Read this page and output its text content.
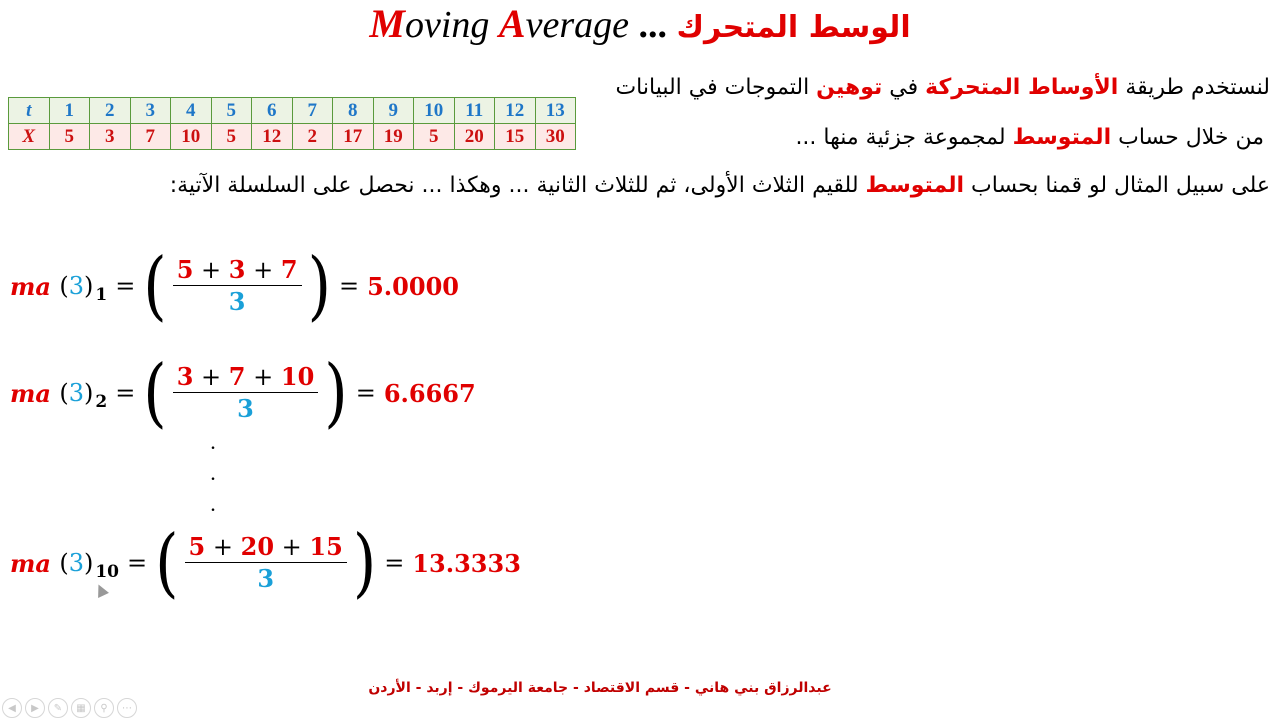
Moving Average ... الوسط المتحرك
t	1	2	3	4	5	6	7	8	9	10	11	12	13
X	5	3	7	10	5	12	2	17	19	5	20	15	30
لنستخدم طريقة الأوساط المتحركة في توهين التموجات في البيانات
من خلال حساب المتوسط لمجموعة جزئية منها ...
على سبيل المثال لو قمنا بحساب المتوسط للقيم الثلاث الأولى، ثم للثلاث الثانية ... وهكذا ... نحصل على السلسلة الآتية:
ma
( 3 ) 1 = ( $\frac{5 + 3 + 7}{3}$ ) = 5.0000
ma
( 3 ) 2 = ( $\frac{3 + 7 + 10}{3}$ ) = 6.6667
.
.
.
ma
( 3 ) 10 = ( $\frac{5 + 20 + 15}{3}$ ) = 13.3333
عبدالرزاق بني هاني - قسم الاقتصاد - جامعة اليرموك - إربد - الأردن
◀	▶	✎	▦	⚲	⋯
